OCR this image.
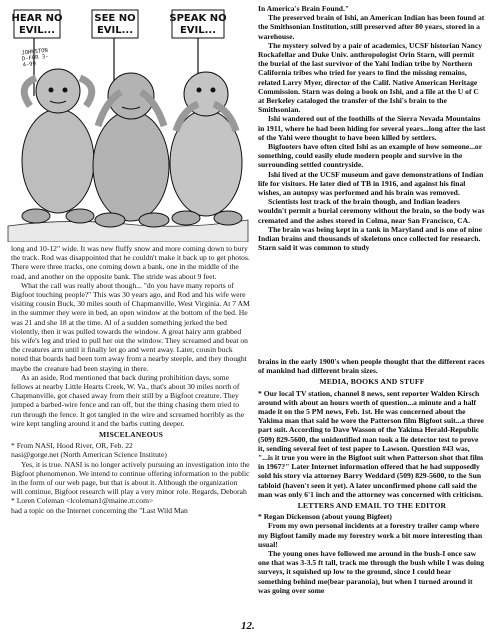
HEAR NO
EVIL...
SEE NO
EVIL...
SPEAK NO
EVIL...
JOHNSTON D-FOR 3-4-99

long and 10-12" wide. It was new fluffy snow and more coming down to bury the track. Rod was disappointed that he couldn't make it back up to get photos. There were three tracks, one coming down a bank, one in the middle of the road, and another on the opposite bank. The stride was about 9 feet.

What the call was really about though... "do you have many reports of Bigfoot touching people?" This was 30 years ago, and Rod and his wife were visiting cousin Buck, 30 miles south of Chapmanville, West Virginia. At 7 AM in the summer they were in bed, an open window at the bottom of the bed. He was 21 and she 18 at the time. Al of a sudden something jerked the bed violently, then it was pulled towards the window. A great hairy arm grabbed his wife's leg and tried to pull her out the window. They screamed and beat on the creatures arm until it finally let go and went away. Later, cousin buck noted that boards had been torn away from a nearby steeple, and they thought maybe the creature had been staying in there.

As an aside, Rod mentioned that back during prohibition days, some fellows at nearby Little Hearts Creek, W. Va., that's about 30 miles north of Chapmanville, got chased away from their still by a Bigfoot creature. They jumped a barbed-wire fence and ran off, but the thing chasing them tried to run through the fence. It got tangled in the wire and screamed horribly as the wire kept tangling around it and the barbs cutting deeper.

MISCELANEOUS

* From NASI, Hood River, OR, Feb. 22

nasi@gorge.net (North American Science Institute)

Yes, it is true. NASI is no longer actively pursuing an investigation into the Bigfoot phenomenon. We intend to continue offering information to the public in the form of our web page, but that is about it. Although the organization will continue, Bigfoot research will play a very minor role. Regards, Deborah

* Loren Coleman <lcoleman1@maine.rr.com>

had a topic on the Internet concerning the "Last Wild Man

In America's Brain Found."

The preserved brain of Ishi, an American Indian has been found at the Smithsonian Institution, still preserved after 80 years, stored in a warehouse.

The mystery solved by a pair of academics, UCSF historian Nancy Rockafellar and Duke Univ. anthropologist Orin Starn, will permit the burial of the last survivor of the Yahi Indian tribe by Northern California tribes who tried for years to find the missing remains, related Larry Myer, director of the Calif. Native American Heritage Commission. Starn was doing a book on Ishi, and a file at the U of C at Berkeley cataloged the transfer of the Ishi's brain to the Smithsonian.

Ishi wandered out of the foothills of the Sierra Nevada Mountains in 1911, where he had been hiding for several years...long after the last of the Yahi were thought to have been killed by settlers.

Bigfooters have often cited Ishi as an example of how someone...or something, could easily elude modern people and survive in the surrounding settled countryside.

Ishi lived at the UCSF museum and gave demonstrations of Indian life for visitors. He later died of TB in 1916, and against his final wishes, an autopsy was performed and his brain was removed.

Scientists lost track of the brain though, and Indian leaders wouldn't permit a burial ceremony without the brain, so the body was cremated and the ashes stored in Colma, near San Francisco, CA.

The brain was being kept in a tank in Maryland and is one of nine Indian brains and thousands of skeletons once collected for research. Starn said it was common to study

brains in the early 1900's when people thought that the different races of mankind had different brain sizes.

MEDIA, BOOKS AND STUFF

* Our local TV station, channel 8 news, sent reporter Walden Kirsch around with about an hours worth of question...a minute and a half made it on the 5 PM news, Feb. 1st. He was concerned about the Yakima man that said he wore the Patterson film Bigfoot suit...a three part suit. According to Dave Wasson of the Yakima Herald-Republic (509) 829-5600, the unidentified man took a lie detector test to prove it, sending several feet of test paper to Lawson. Question #43 was, "...is it true you were in the Bigfoot suit when Patterson shot that film in 1967?" Later Internet information offered that he had supposedly sold his story via attorney Barry Weddard (509) 829-5600, to the Sun tabloid (haven't seen it yet). A later unconfirmed phone call said the man was only 6'1 inch and the attorney was concerned with criticism.

LETTERS AND EMAIL TO THE EDITOR

* Regan Dickenson (about young Bigfeet)

From my own personal incidents at a forestry trailer camp where my Bigfoot family made my forestry work a bit more interesting than usual!

The young ones have followed me around in the bush-I once saw one that was 3-3.5 ft tall, track me through the bush while I was doing surveys, it squished up low to the ground, since I could hear something behind me(bear paranoia), but when I turned around it was going over some

12.
